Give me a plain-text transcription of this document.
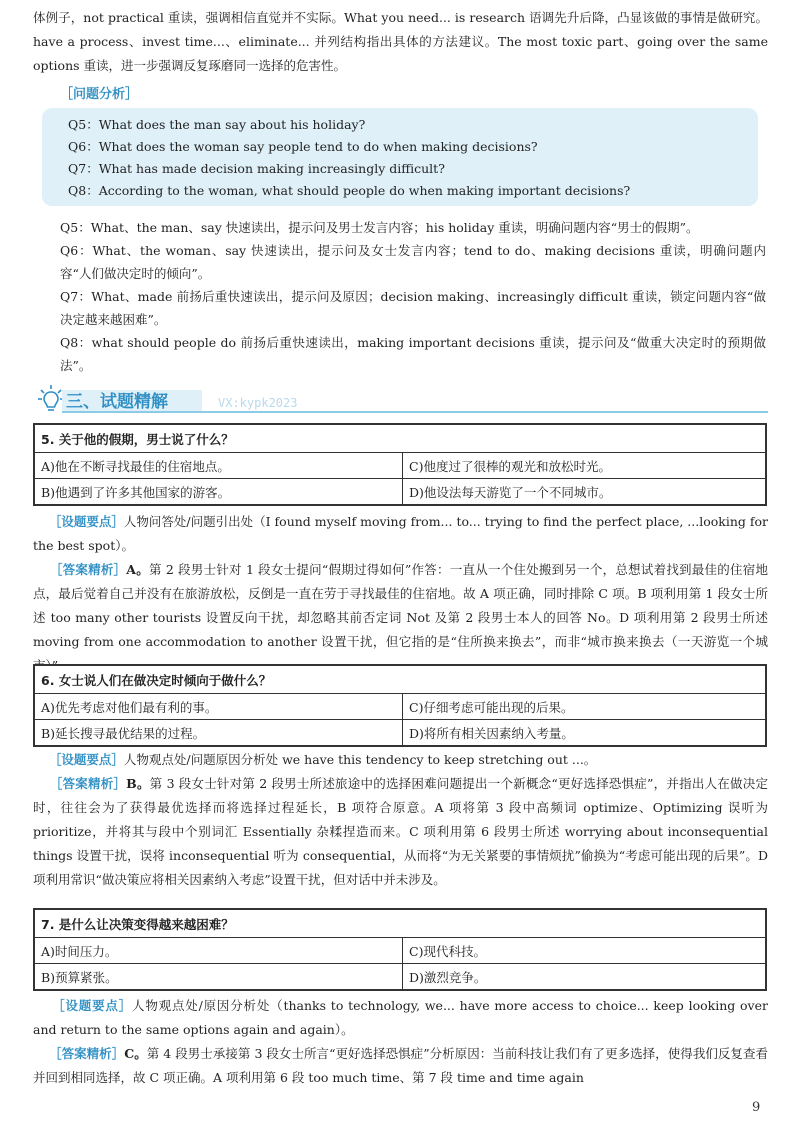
体例子，not practical 重读，强调相信直觉并不实际。What you need... is research 语调先升后降，凸显该做的事情是做研究。have a process、invest time...、eliminate... 并列结构指出具体的方法建议。The most toxic part、going over the same options 重读，进一步强调反复琢磨同一选择的危害性。

［问题分析］
Q5：What does the man say about his holiday?
Q6：What does the woman say people tend to do when making decisions?
Q7：What has made decision making increasingly difficult?
Q8：According to the woman, what should people do when making important decisions?

Q5：What、the man、say 快速读出，提示问及男士发言内容；his holiday 重读，明确问题内容“男士的假期”。

Q6：What、the woman、say 快速读出，提示问及女士发言内容；tend to do、making decisions 重读，明确问题内容“人们做决定时的倾向”。

Q7：What、made 前扬后重快速读出，提示问及原因；decision making、increasingly difficult 重读，锁定问题内容“做决定越来越困难”。

Q8：what should people do 前扬后重快速读出，making important decisions 重读，提示问及“做重大决定时的预期做法”。

三、试题精解	VX:kypk2023
5. 关于他的假期，男士说了什么？	
A)他在不断寻找最佳的住宿地点。	C)他度过了很棒的观光和放松时光。
B)他遇到了许多其他国家的游客。	D)他设法每天游览了一个不同城市。

［设题要点］人物问答处/问题引出处（I found myself moving from... to... trying to find the perfect place, ...looking for the best spot）。

［答案精析］A。第 2 段男士针对 1 段女士提问“假期过得如何”作答：一直从一个住处搬到另一个，总想试着找到最佳的住宿地点，最后觉着自己并没有在旅游放松，反倒是一直在劳于寻找最佳的住宿地。故 A 项正确，同时排除 C 项。B 项利用第 1 段女士所述 too many other tourists 设置反向干扰，却忽略其前否定词 Not 及第 2 段男士本人的回答 No。D 项利用第 2 段男士所述 moving from one accommodation to another 设置干扰，但它指的是“住所换来换去”，而非“城市换来换去（一天游览一个城

6. 女士说人们在做决定时倾向于做什么？	
A)优先考虑对他们最有利的事。	C)仔细考虑可能出现的后果。
B)延长搜寻最优结果的过程。	D)将所有相关因素纳入考量。

［设题要点］人物观点处/问题原因分析处 we have this tendency to keep stretching out ...。

［答案精析］B。第 3 段女士针对第 2 段男士所述旅途中的选择困难问题提出一个新概念“更好选择恐惧症”，并指出人在做决定时，往往会为了获得最优选择而将选择过程延长，B 项符合原意。A 项将第 3 段中高频词 optimize、Optimizing 误听为 prioritize，并将其与段中个别词汇 Essentially 杂糅捏造而来。C 项利用第 6 段男士所述 worrying about inconsequential things 设置干扰，误将 inconsequential 听为 consequential，从而将“为无关紧要的事情烦扰”偷换为“考虑可能出现的后果”。D 项利用常识“做决策应将相关因素纳入考虑”设置干扰，但对话中并未涉及。

7. 是什么让决策变得越来越困难？	
A)时间压力。	C)现代科技。
B)预算紧张。	D)激烈竞争。

［设题要点］人物观点处/原因分析处（thanks to technology, we... have more access to choice... keep looking over and return to the same options again and again）。

［答案精析］C。第 4 段男士承接第 3 段女士所言“更好选择恐惧症”分析原因：当前科技让我们有了更多选择，使得我们反复查看并回到相同选择，故 C 项正确。A 项利用第 6 段 too much time、第 7 段 time and time again

9
